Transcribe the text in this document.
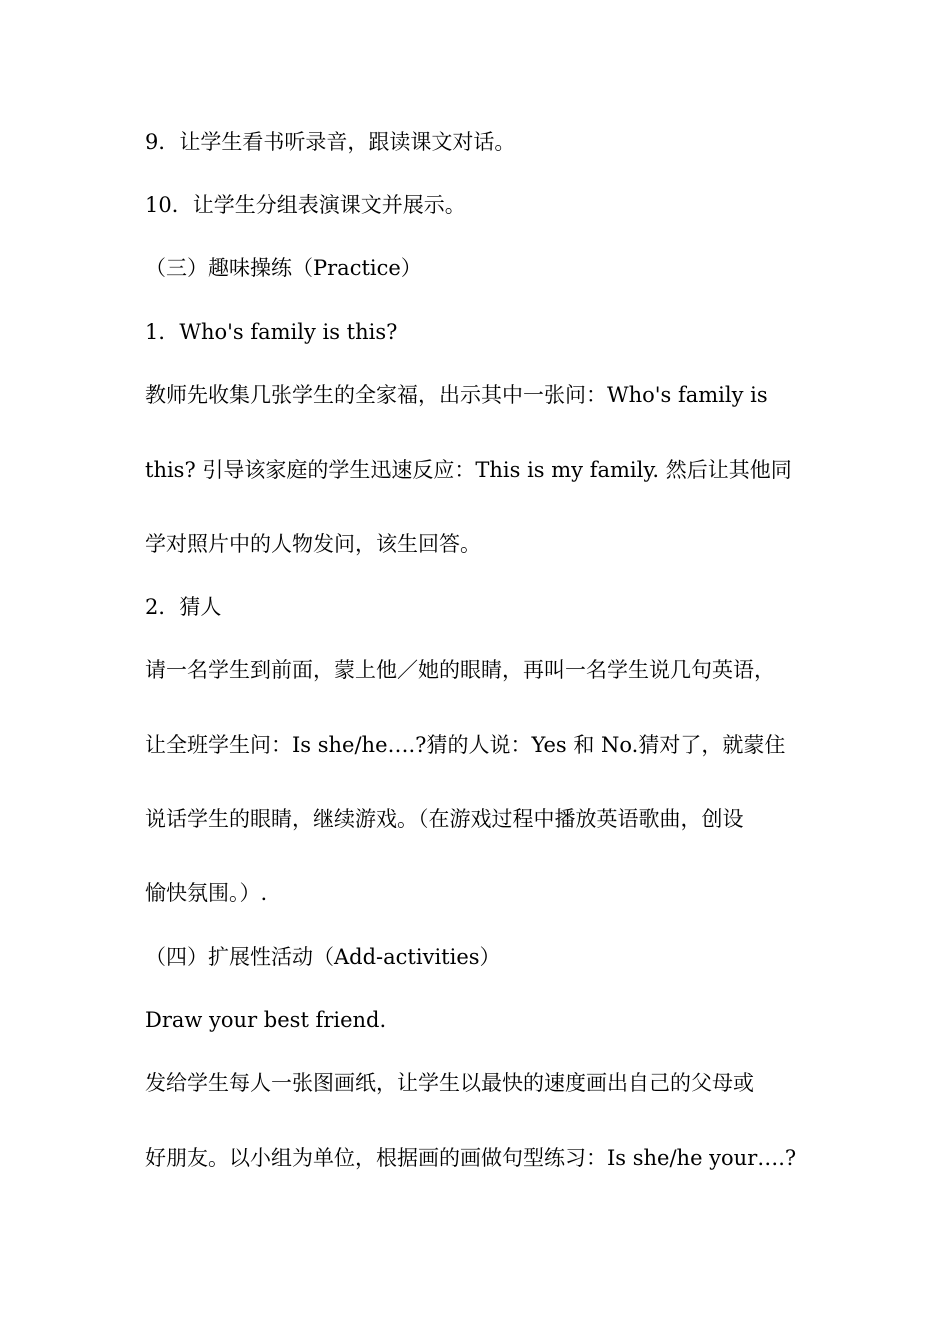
9．让学生看书听录音，跟读课文对话。
10．让学生分组表演课文并展示。
（三）趣味操练（Practice）
1．Who's family is this?
教师先收集几张学生的全家福，出示其中一张问：Who's family is
this? 引导该家庭的学生迅速反应：This is my family. 然后让其他同
学对照片中的人物发问，该生回答。
2．猜人
请一名学生到前面，蒙上他／她的眼睛，再叫一名学生说几句英语，
让全班学生问：Is she/he….?猜的人说：Yes 和 No.猜对了，就蒙住
说话学生的眼睛，继续游戏。（在游戏过程中播放英语歌曲，创设
愉快氛围。）.
（四）扩展性活动（Add-activities）
Draw your best friend.
发给学生每人一张图画纸，让学生以最快的速度画出自己的父母或
好朋友。以小组为单位，根据画的画做句型练习：Is she/he your….?
